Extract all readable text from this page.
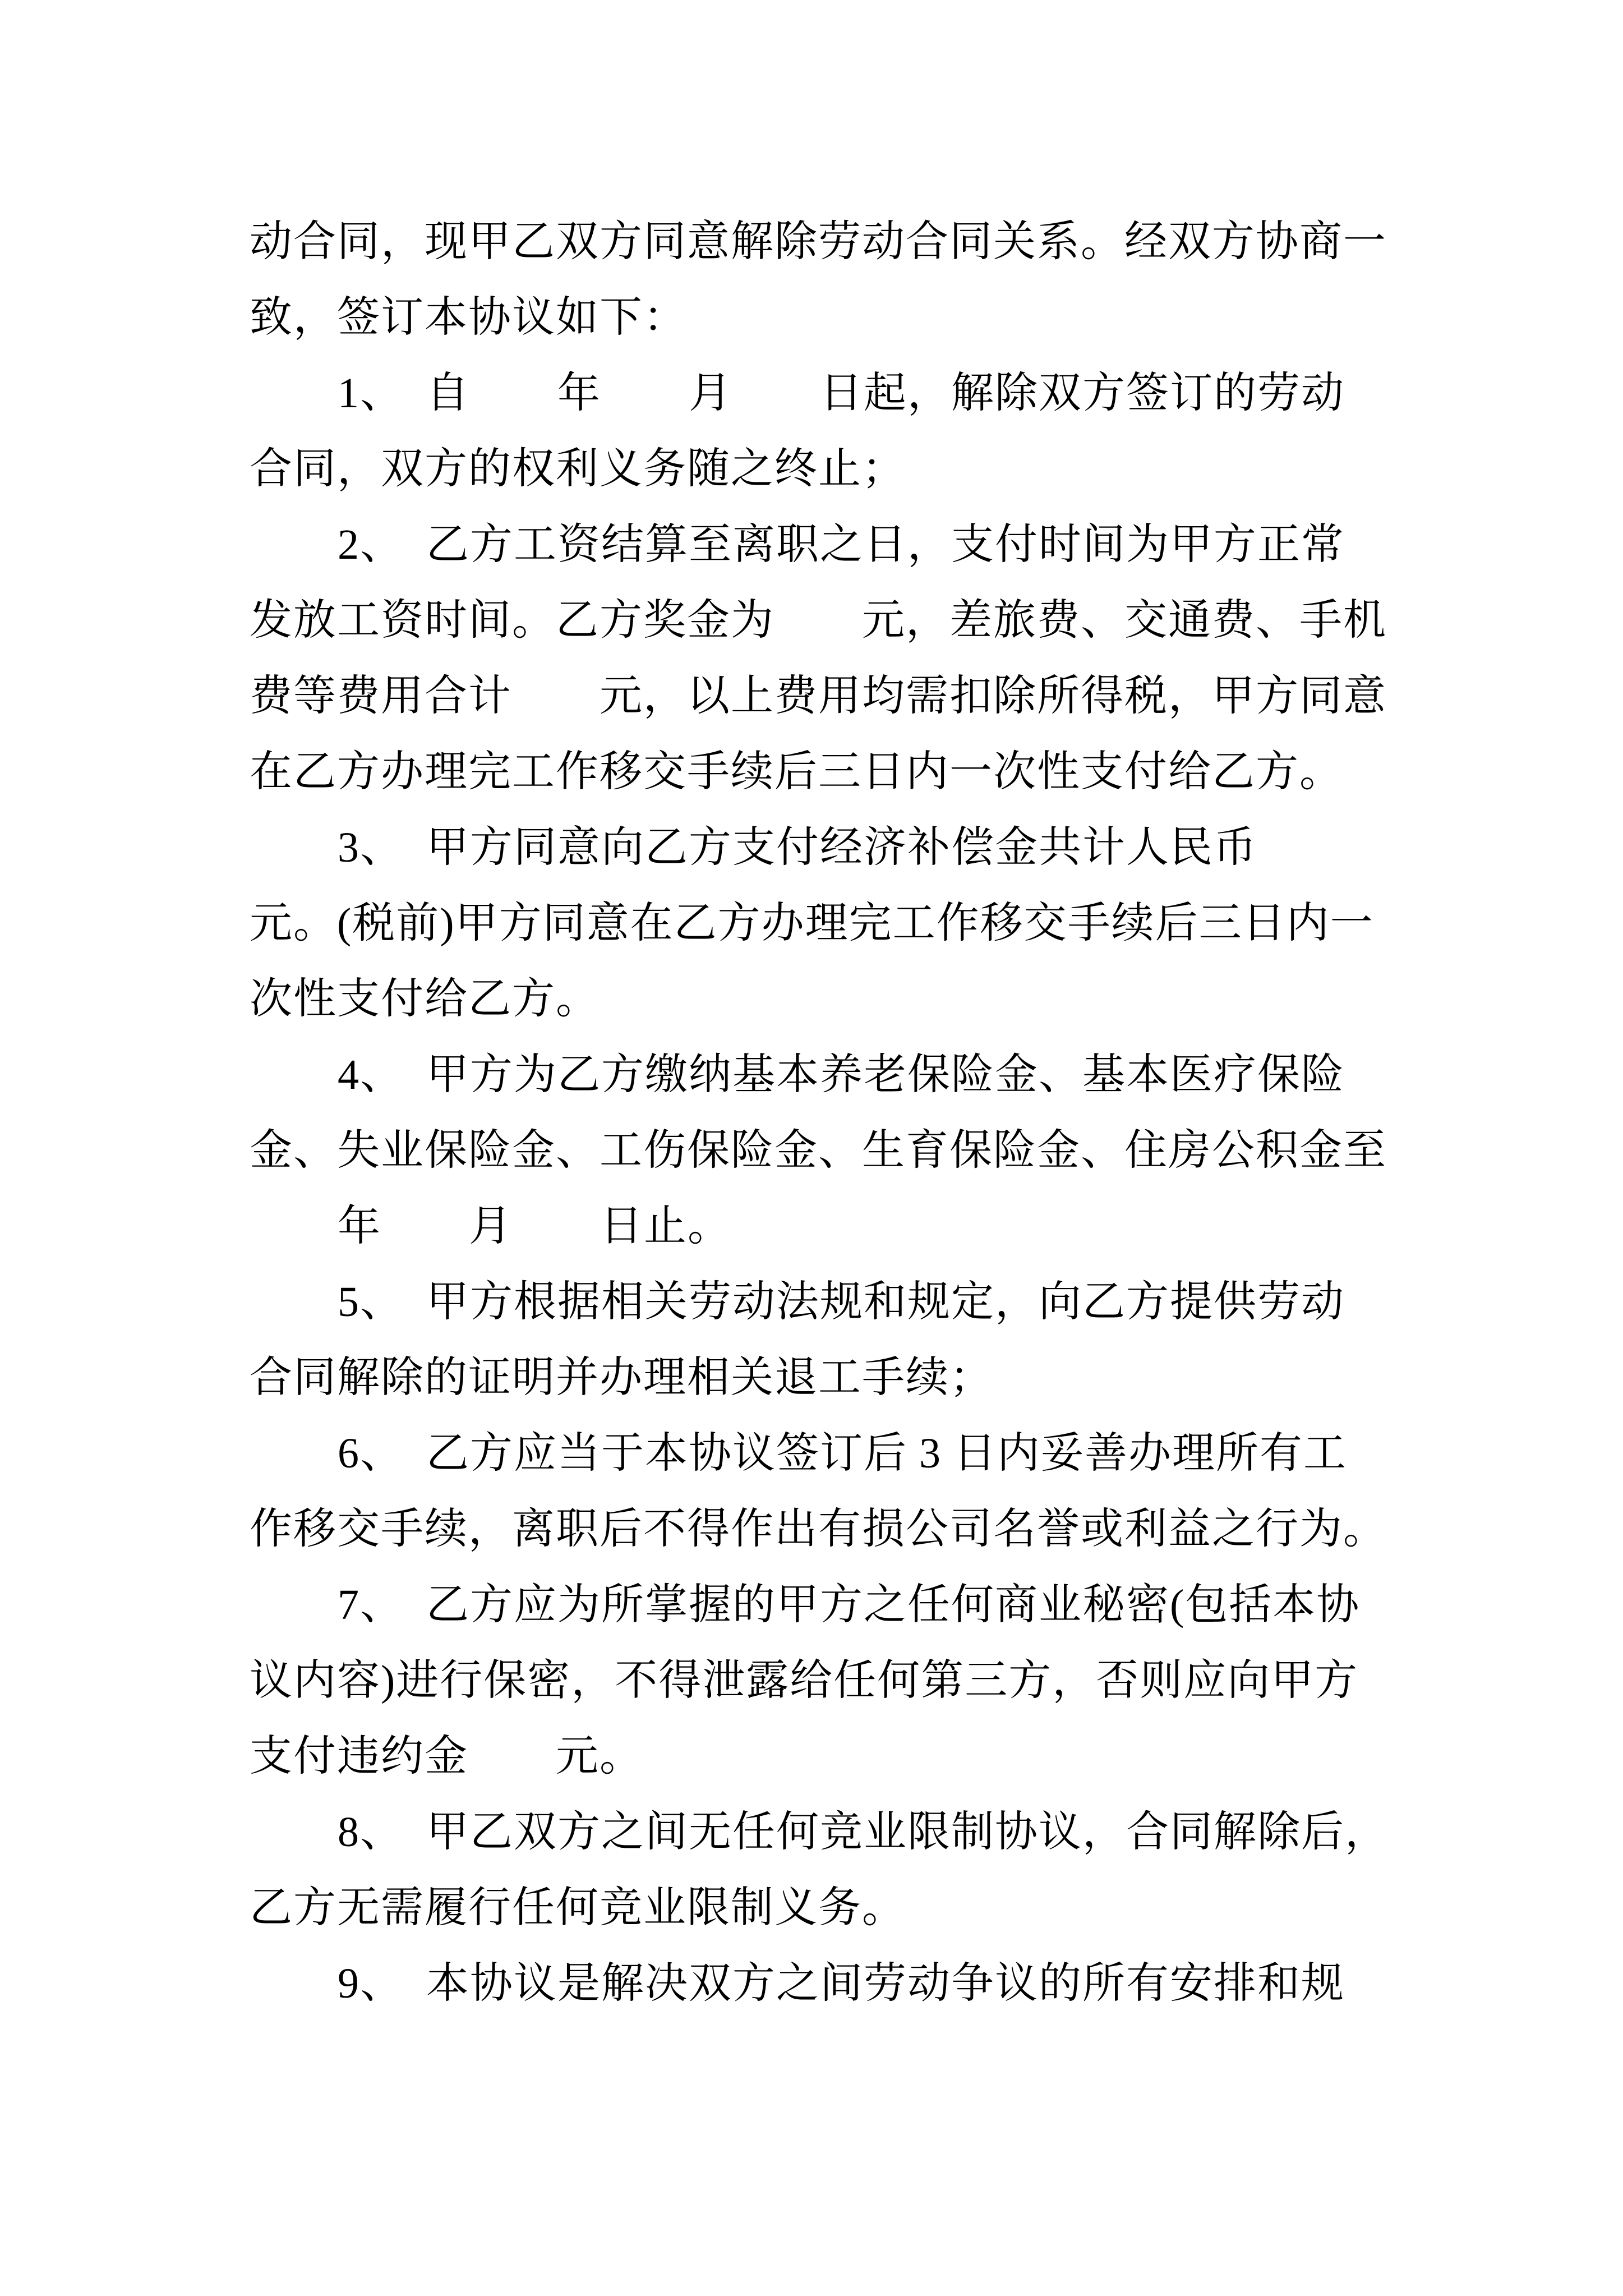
动合同，现甲乙双方同意解除劳动合同关系。经双方协商一
致，签订本协议如下：
1、　自　　年　　月　　日起，解除双方签订的劳动
合同，双方的权利义务随之终止；
2、　乙方工资结算至离职之日，支付时间为甲方正常
发放工资时间。乙方奖金为　　元，差旅费、交通费、手机
费等费用合计　　元，以上费用均需扣除所得税，甲方同意
在乙方办理完工作移交手续后三日内一次性支付给乙方。
3、　甲方同意向乙方支付经济补偿金共计人民币
元。(税前)甲方同意在乙方办理完工作移交手续后三日内一
次性支付给乙方。
4、　甲方为乙方缴纳基本养老保险金、基本医疗保险
金、失业保险金、工伤保险金、生育保险金、住房公积金至
年　　月　　日止。
5、　甲方根据相关劳动法规和规定，向乙方提供劳动
合同解除的证明并办理相关退工手续；
6、　乙方应当于本协议签订后 3 日内妥善办理所有工
作移交手续，离职后不得作出有损公司名誉或利益之行为。
7、　乙方应为所掌握的甲方之任何商业秘密(包括本协
议内容)进行保密，不得泄露给任何第三方，否则应向甲方
支付违约金　　元。
8、　甲乙双方之间无任何竞业限制协议，合同解除后，
乙方无需履行任何竞业限制义务。
9、　本协议是解决双方之间劳动争议的所有安排和规
